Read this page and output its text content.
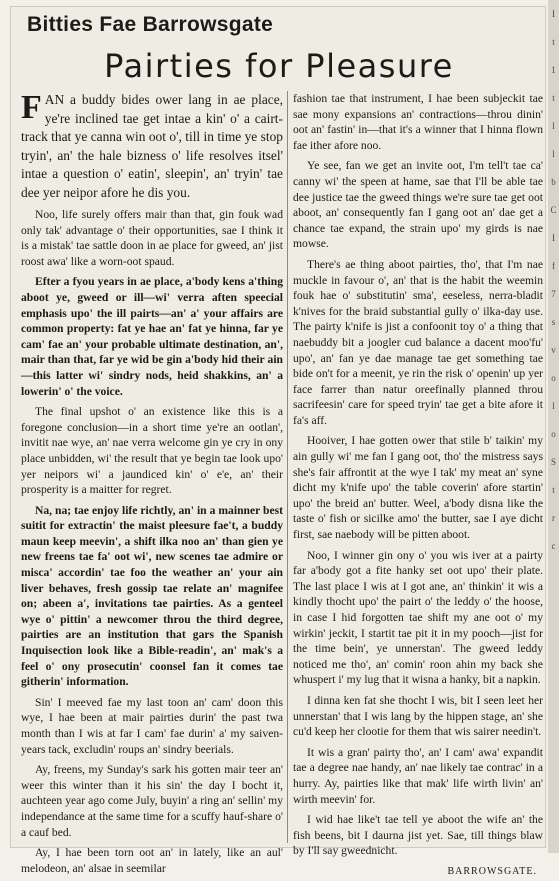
Bitties Fae Barrowsgate
Pairties for Pleasure

FAN a buddy bides ower lang in ae place, ye're inclined tae get intae a kin' o' a cairt-track that ye canna win oot o', till in time ye stop tryin', an' the hale bizness o' life resolves itsel' intae a question o' eatin', sleepin', an' tryin' tae dee yer neipor afore he dis you.

Noo, life surely offers mair than that, gin fouk wad only tak' advantage o' their opportunities, sae I think it is a mistak' tae sattle doon in ae place for gweed, an' jist roost awa' like a worn-oot spaud.

Efter a fyou years in ae place, a'body kens a'thing aboot ye, gweed or ill—wi' verra aften speecial emphasis upo' the ill pairts—an' a' your affairs are common property: fat ye hae an' fat ye hinna, far ye cam' fae an' your probable ultimate destination, an', mair than that, far ye wid be gin a'body hid their ain—this latter wi' sindry nods, heid shakkins, an' a lowerin' o' the voice.

The final upshot o' an existence like this is a foregone conclusion—in a short time ye're an ootlan', invitit nae wye, an' nae verra welcome gin ye cry in ony place unbidden, wi' the result that ye begin tae look upo' yer neipors wi' a jaundiced kin' o' e'e, an' their prosperity is a maitter for regret.

Na, na; tae enjoy life richtly, an' in a mainner best suitit for extractin' the maist pleesure fae't, a buddy maun keep meevin', a shift ilka noo an' than gien ye new freens tae fa' oot wi', new scenes tae admire or misca' accordin' tae foo the weather an' your ain liver behaves, fresh gossip tae relate an' magnifee on; abeen a', invitations tae pairties. As a genteel wye o' pittin' a newcomer throu the third degree, pairties are an institution that gars the Spanish Inquisection look like a Bible-readin', an' mak's a feel o' ony prosecutin' coonsel fan it comes tae githerin' information.

Sin' I meeved fae my last toon an' cam' doon this wye, I hae been at mair pairties durin' the past twa month than I wis at far I cam' fae durin' a' my saiven-years tack, excludin' roups an' sindry beerials.

Ay, freens, my Sunday's sark his gotten mair teer an' weer this winter than it his sin' the day I bocht it, auchteen year ago come July, buyin' a ring an' sellin' my independance at the same time for a scuffy hauf-share o' a cauf bed.

Ay, I hae been torn oot an' in lately, like an aul' melodeon, an' alsae in seemilar

fashion tae that instrument, I hae been subjeckit tae sae mony expansions an' contractions—throu dinin' oot an' fastin' in—that it's a winner that I hinna flown fae ither afore noo.

Ye see, fan we get an invite oot, I'm tell't tae ca' canny wi' the speen at hame, sae that I'll be able tae dee justice tae the gweed things we're sure tae get oot aboot, an' consequently fan I gang oot an' dae get a chance tae expand, the strain upo' my girds is nae mowse.

There's ae thing aboot pairties, tho', that I'm nae muckle in favour o', an' that is the habit the weemin fouk hae o' substitutin' sma', eeseless, nerra-bladit k'nives for the braid substantial gully o' ilka-day use. The pairty k'nife is jist a confoonit toy o' a thing that naebuddy bit a joogler cud balance a dacent moo'fu' upo', an' fan ye dae manage tae get something tae bide on't for a meenit, ye rin the risk o' openin' up yer face farrer than natur oreefinally planned throu sacrifeesin' care for speed tryin' tae get a bite afore it fa's aff.

Hooiver, I hae gotten ower that stile b' taikin' my ain gully wi' me fan I gang oot, tho' the mistress says she's fair affrontit at the wye I tak' my meat an' syne dicht my k'nife upo' the table coverin' afore startin' upo' the breid an' butter. Weel, a'body disna like the taste o' fish or sicilke amo' the butter, sae I aye dicht first, sae naebody will be pitten aboot.

Noo, I winner gin ony o' you wis iver at a pairty far a'body got a fite hanky set oot upo' their plate. The last place I wis at I got ane, an' thinkin' it wis a kindly thocht upo' the pairt o' the leddy o' the hoose, in case I hid forgotten tae shift my ane oot o' my wirkin' jeckit, I startit tae pit it in my pooch—jist for the time bein', ye unnerstan'. The gweed leddy noticed me tho', an' comin' roon ahin my back she whuspert i' my lug that it wisna a hanky, bit a napkin.

I dinna ken fat she thocht I wis, bit I seen leet her unnerstan' that I wis lang by the hippen stage, an' she cu'd keep her clootie for them that wis sairer needin't.

It wis a gran' pairty tho', an' I cam' awa' expandit tae a degree nae handy, an' nae likely tae contrac' in a hurry. Ay, pairties like that mak' life wirth livin' an' wirth meevin' for.

I wid hae like't tae tell ye aboot the wife an' the fish beens, bit I daurna jist yet. Sae, till things blaw by I'll say gweednicht.

BARROWSGATE.
I
t
1
t
l
l
b
C
I
f
7
s
v
o
l
o
S
t
r
c
